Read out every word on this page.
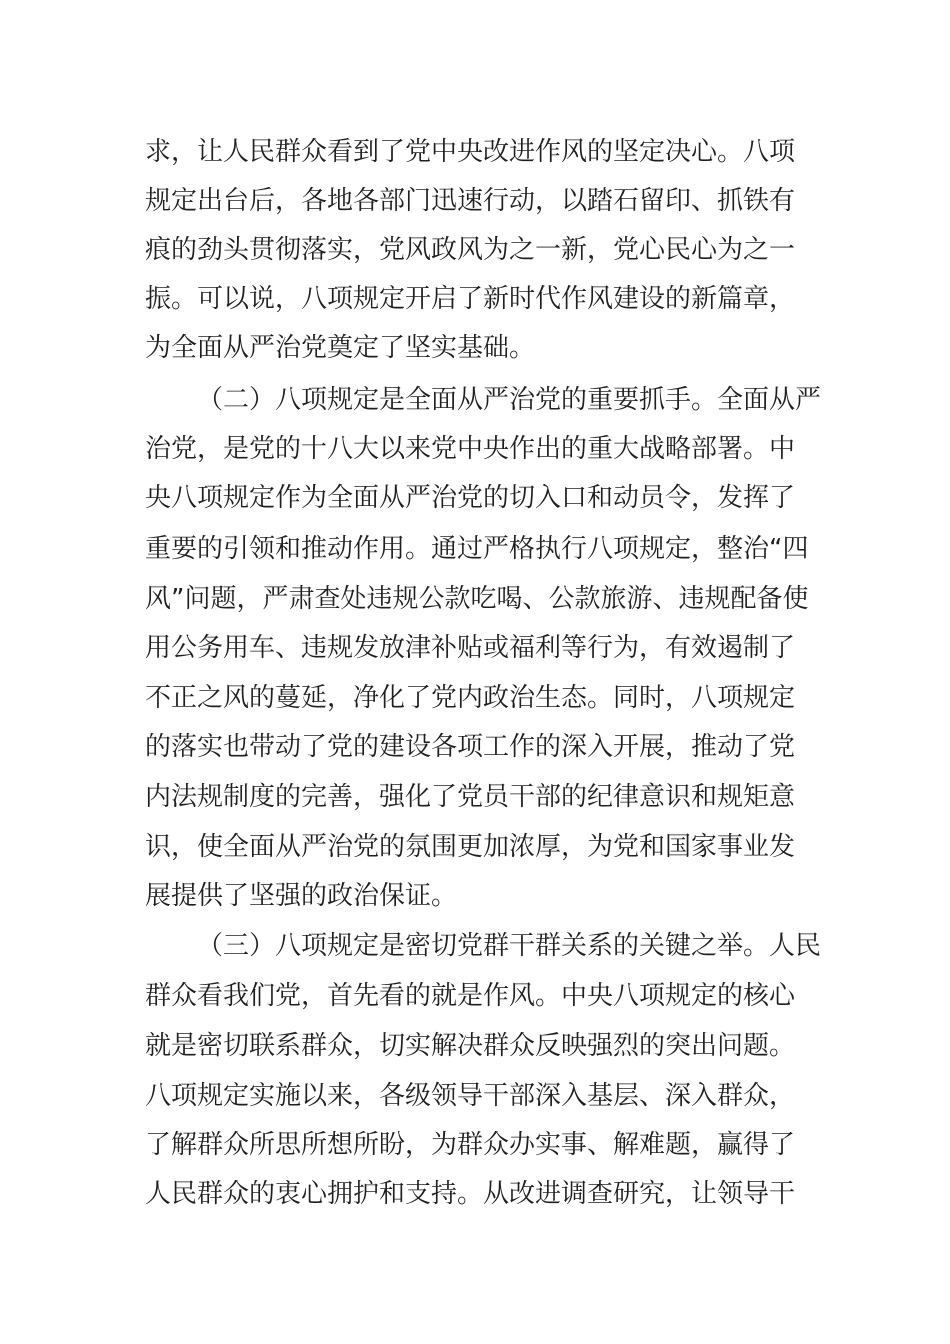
求，让人民群众看到了党中央改进作风的坚定决心。八项

规定出台后，各地各部门迅速行动，以踏石留印、抓铁有

痕的劲头贯彻落实，党风政风为之一新，党心民心为之一

振。可以说，八项规定开启了新时代作风建设的新篇章，

为全面从严治党奠定了坚实基础。

（二）八项规定是全面从严治党的重要抓手。全面从严

治党，是党的十八大以来党中央作出的重大战略部署。中

央八项规定作为全面从严治党的切入口和动员令，发挥了

重要的引领和推动作用。通过严格执行八项规定，整治“四

风”问题，严肃查处违规公款吃喝、公款旅游、违规配备使

用公务用车、违规发放津补贴或福利等行为，有效遏制了

不正之风的蔓延，净化了党内政治生态。同时，八项规定

的落实也带动了党的建设各项工作的深入开展，推动了党

内法规制度的完善，强化了党员干部的纪律意识和规矩意

识，使全面从严治党的氛围更加浓厚，为党和国家事业发

展提供了坚强的政治保证。

（三）八项规定是密切党群干群关系的关键之举。人民

群众看我们党，首先看的就是作风。中央八项规定的核心

就是密切联系群众，切实解决群众反映强烈的突出问题。

八项规定实施以来，各级领导干部深入基层、深入群众，

了解群众所思所想所盼，为群众办实事、解难题，赢得了

人民群众的衷心拥护和支持。从改进调查研究，让领导干
